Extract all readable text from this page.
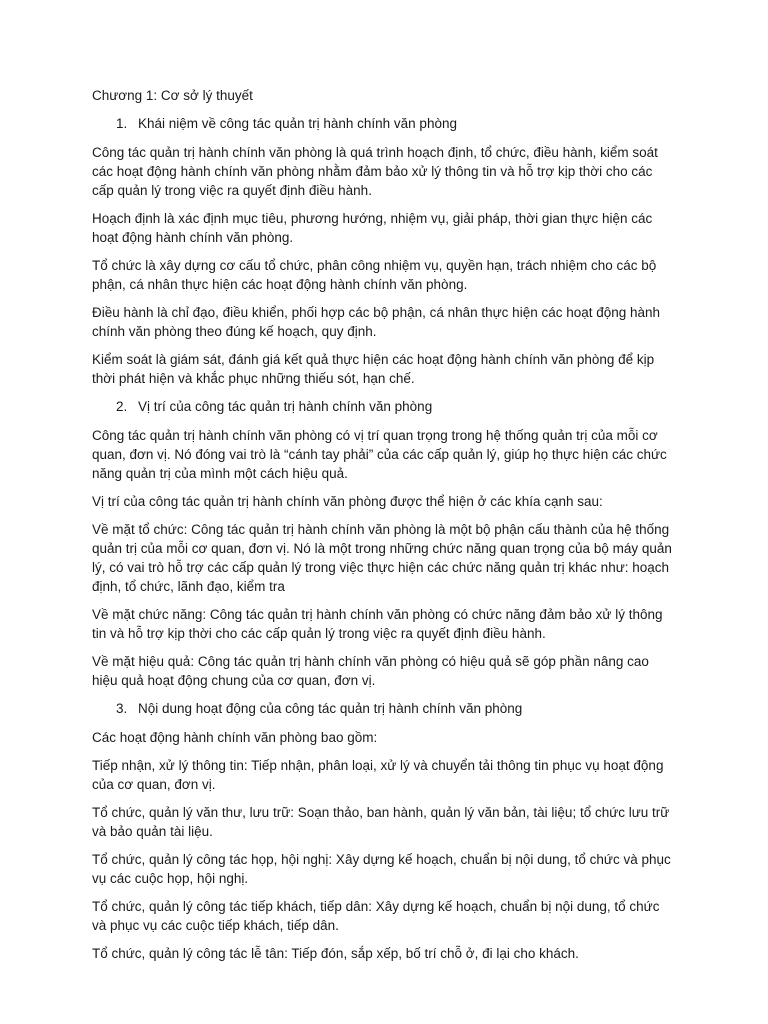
Chương 1: Cơ sở lý thuyết
1. Khái niệm về công tác quản trị hành chính văn phòng

Công tác quản trị hành chính văn phòng là quá trình hoạch định, tổ chức, điều hành, kiểm soát các hoạt động hành chính văn phòng nhằm đảm bảo xử lý thông tin và hỗ trợ kịp thời cho các cấp quản lý trong việc ra quyết định điều hành.

Hoạch định là xác định mục tiêu, phương hướng, nhiệm vụ, giải pháp, thời gian thực hiện các hoạt động hành chính văn phòng.

Tổ chức là xây dựng cơ cấu tổ chức, phân công nhiệm vụ, quyền hạn, trách nhiệm cho các bộ phận, cá nhân thực hiện các hoạt động hành chính văn phòng.

Điều hành là chỉ đạo, điều khiển, phối hợp các bộ phận, cá nhân thực hiện các hoạt động hành chính văn phòng theo đúng kế hoạch, quy định.

Kiểm soát là giám sát, đánh giá kết quả thực hiện các hoạt động hành chính văn phòng để kịp thời phát hiện và khắc phục những thiếu sót, hạn chế.

2. Vị trí của công tác quản trị hành chính văn phòng

Công tác quản trị hành chính văn phòng có vị trí quan trọng trong hệ thống quản trị của mỗi cơ quan, đơn vị. Nó đóng vai trò là “cánh tay phải” của các cấp quản lý, giúp họ thực hiện các chức năng quản trị của mình một cách hiệu quả.

Vị trí của công tác quản trị hành chính văn phòng được thể hiện ở các khía cạnh sau:

Về mặt tổ chức: Công tác quản trị hành chính văn phòng là một bộ phận cấu thành của hệ thống quản trị của mỗi cơ quan, đơn vị. Nó là một trong những chức năng quan trọng của bộ máy quản lý, có vai trò hỗ trợ các cấp quản lý trong việc thực hiện các chức năng quản trị khác như: hoạch định, tổ chức, lãnh đạo, kiểm tra

Về mặt chức năng: Công tác quản trị hành chính văn phòng có chức năng đảm bảo xử lý thông tin và hỗ trợ kịp thời cho các cấp quản lý trong việc ra quyết định điều hành.

Về mặt hiệu quả: Công tác quản trị hành chính văn phòng có hiệu quả sẽ góp phần nâng cao hiệu quả hoạt động chung của cơ quan, đơn vị.

3. Nội dung hoạt động của công tác quản trị hành chính văn phòng

Các hoạt động hành chính văn phòng bao gồm:

Tiếp nhận, xử lý thông tin: Tiếp nhận, phân loại, xử lý và chuyển tải thông tin phục vụ hoạt động của cơ quan, đơn vị.

Tổ chức, quản lý văn thư, lưu trữ: Soạn thảo, ban hành, quản lý văn bản, tài liệu; tổ chức lưu trữ và bảo quản tài liệu.

Tổ chức, quản lý công tác họp, hội nghị: Xây dựng kế hoạch, chuẩn bị nội dung, tổ chức và phục vụ các cuộc họp, hội nghị.

Tổ chức, quản lý công tác tiếp khách, tiếp dân: Xây dựng kế hoạch, chuẩn bị nội dung, tổ chức và phục vụ các cuộc tiếp khách, tiếp dân.

Tổ chức, quản lý công tác lễ tân: Tiếp đón, sắp xếp, bố trí chỗ ở, đi lại cho khách.
